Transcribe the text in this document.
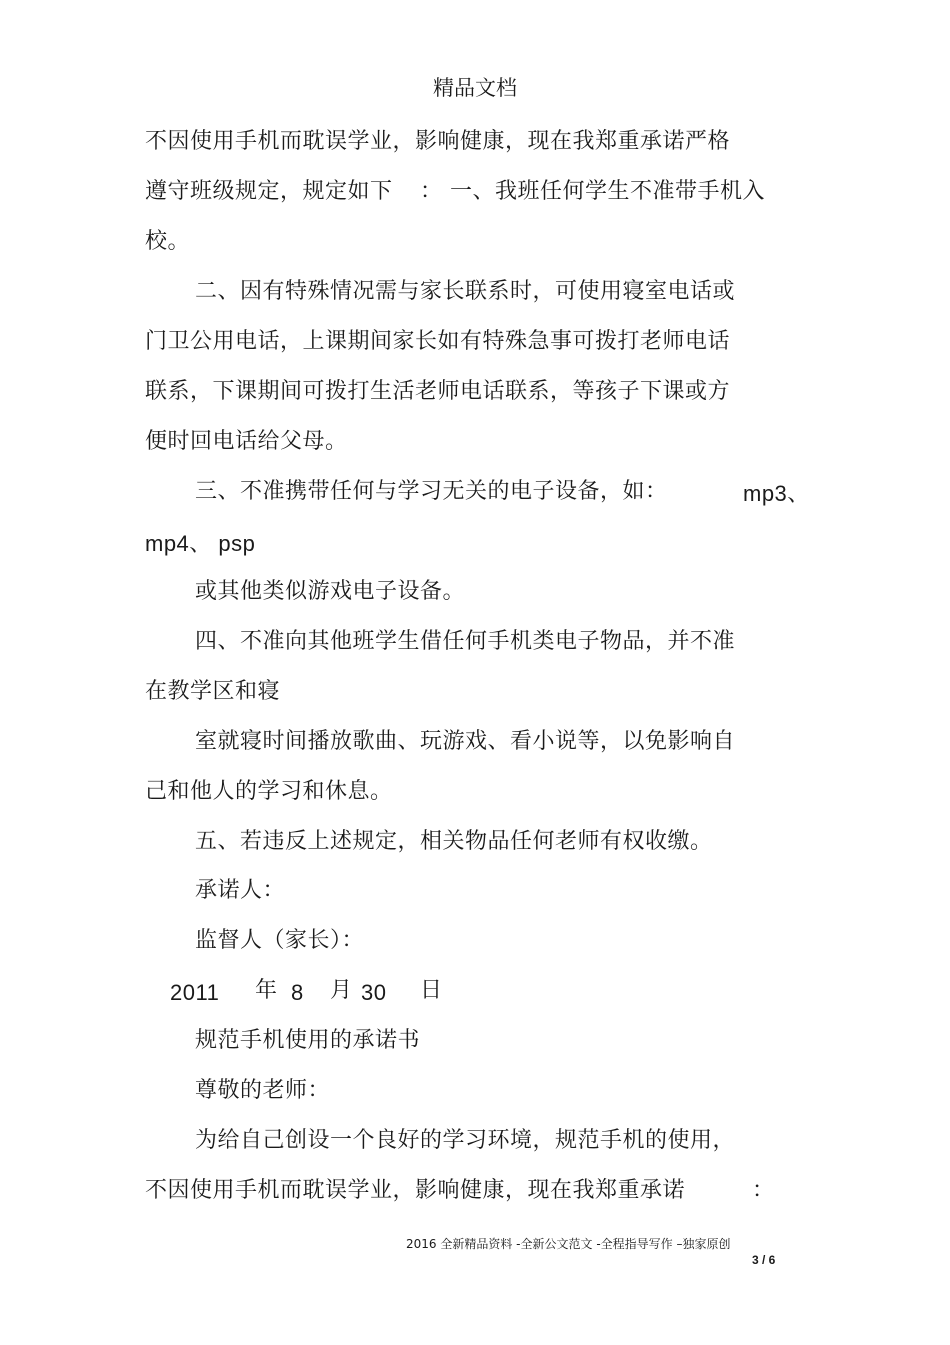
精品文档
不因使用手机而耽误学业，影响健康，现在我郑重承诺严格
遵守班级规定，规定如下 ： 一、我班任何学生不准带手机入
校。
二、因有特殊情况需与家长联系时，可使用寝室电话或
门卫公用电话，上课期间家长如有特殊急事可拨打老师电话
联系，下课期间可拨打生活老师电话联系，等孩子下课或方
便时回电话给父母。
三、不准携带任何与学习无关的电子设备，如：	mp3、
mp4、 psp
或其他类似游戏电子设备。
四、不准向其他班学生借任何手机类电子物品，并不准
在教学区和寝
室就寝时间播放歌曲、玩游戏、看小说等，以免影响自
己和他人的学习和休息。
五、若违反上述规定，相关物品任何老师有权收缴。
承诺人：
监督人（家长）：
2011 年 8 月 30 日
规范手机使用的承诺书
尊敬的老师：
为给自己创设一个良好的学习环境，规范手机的使用，
不因使用手机而耽误学业，影响健康，现在我郑重承诺	：
2016 全新精品资料 -全新公文范文 -全程指导写作 –独家原创
3 / 6
